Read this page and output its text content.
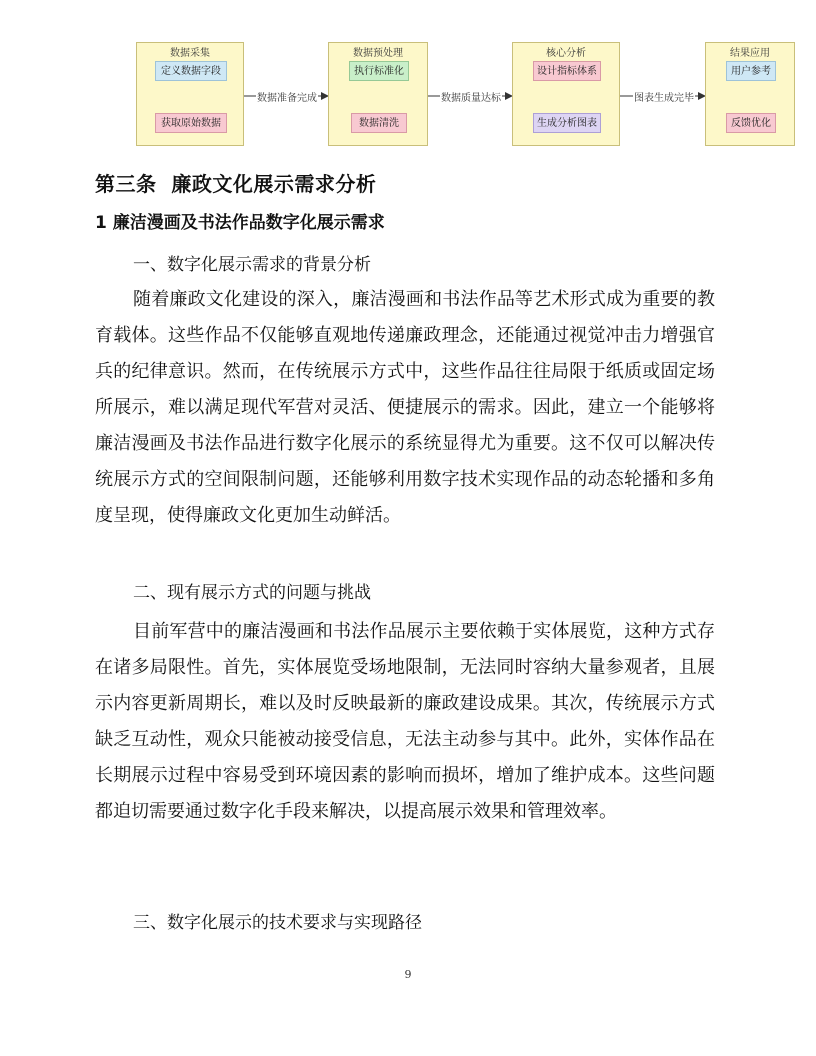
数据采集
定义数据字段
获取原始数据
数据预处理
执行标准化
数据清洗
核心分析
设计指标体系
生成分析图表
结果应用
用户参考
反馈优化
数据准备完成	数据质量达标	图表生成完毕
第三条  廉政文化展示需求分析
1 廉洁漫画及书法作品数字化展示需求
一、数字化展示需求的背景分析

随着廉政文化建设的深入，廉洁漫画和书法作品等艺术形式成为重要的教育载体。这些作品不仅能够直观地传递廉政理念，还能通过视觉冲击力增强官兵的纪律意识。然而，在传统展示方式中，这些作品往往局限于纸质或固定场所展示，难以满足现代军营对灵活、便捷展示的需求。因此，建立一个能够将廉洁漫画及书法作品进行数字化展示的系统显得尤为重要。这不仅可以解决传统展示方式的空间限制问题，还能够利用数字技术实现作品的动态轮播和多角度呈现，使得廉政文化更加生动鲜活。

二、现有展示方式的问题与挑战

目前军营中的廉洁漫画和书法作品展示主要依赖于实体展览，这种方式存在诸多局限性。首先，实体展览受场地限制，无法同时容纳大量参观者，且展示内容更新周期长，难以及时反映最新的廉政建设成果。其次，传统展示方式缺乏互动性，观众只能被动接受信息，无法主动参与其中。此外，实体作品在长期展示过程中容易受到环境因素的影响而损坏，增加了维护成本。这些问题都迫切需要通过数字化手段来解决，以提高展示效果和管理效率。

三、数字化展示的技术要求与实现路径
9
